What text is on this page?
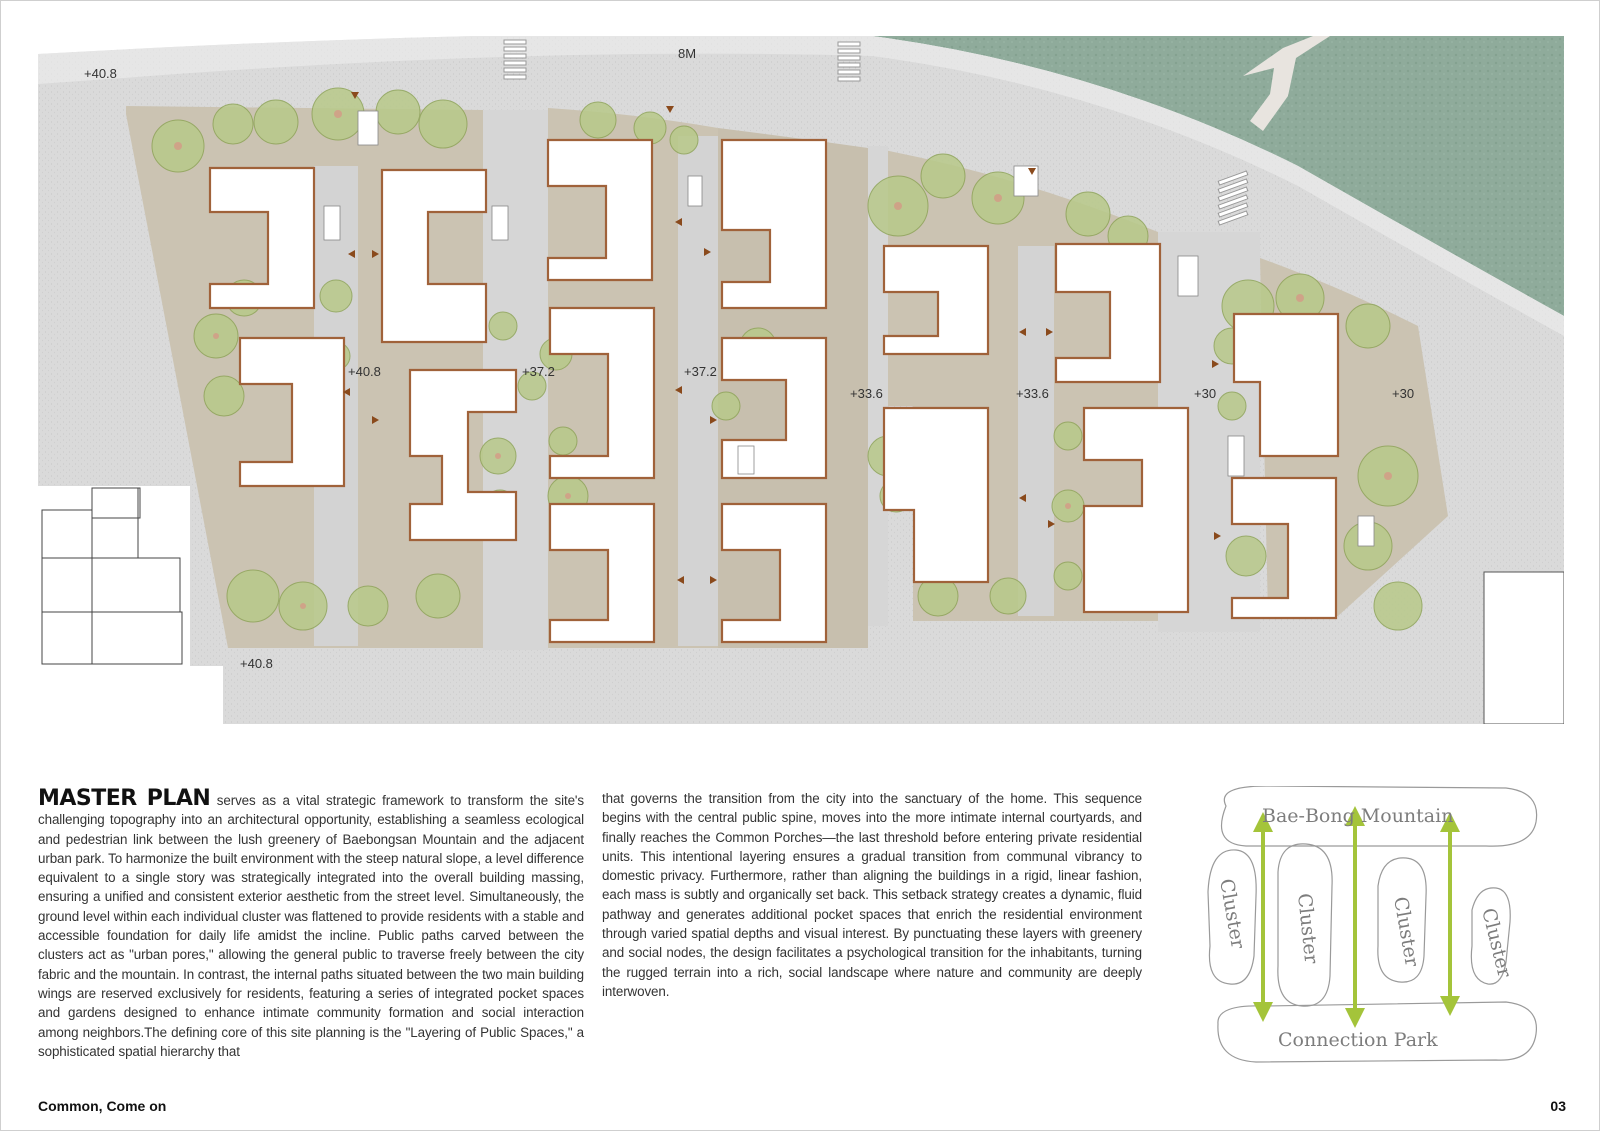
8M
+40.8
+40.8	+37.2	+37.2
+33.6	+33.6	+30	+30
+40.8
MASTER PLAN serves as a vital strategic framework to transform the site's challenging topography into an architectural opportunity, establishing a seamless ecological and pedestrian link between the lush greenery of Baebongsan Mountain and the adjacent urban park. To harmonize the built environment with the steep natural slope, a level difference equivalent to a single story was strategically integrated into the overall building massing, ensuring a unified and consistent exterior aesthetic from the street level. Simultaneously, the ground level within each individual cluster was flattened to provide residents with a stable and accessible foundation for daily life amidst the incline. Public paths carved between the clusters act as "urban pores," allowing the general public to traverse freely between the city fabric and the mountain. In contrast, the internal paths situated between the two main building wings are reserved exclusively for residents, featuring a series of integrated pocket spaces and gardens designed to enhance intimate community formation and social interaction among neighbors.The defining core of this site planning is the "Layering of Public Spaces," a sophisticated spatial hierarchy that
that governs the transition from the city into the sanctuary of the home. This sequence begins with the central public spine, moves into the more intimate internal courtyards, and finally reaches the Common Porches—the last threshold before entering private residential units. This intentional layering ensures a gradual transition from communal vibrancy to domestic privacy. Furthermore, rather than aligning the buildings in a rigid, linear fashion, each mass is subtly and organically set back. This setback strategy creates a dynamic, fluid pathway and generates additional pocket spaces that enrich the residential environment through varied spatial depths and visual interest. By punctuating these layers with greenery and social nodes, the design facilitates a psychological transition for the inhabitants, turning the rugged terrain into a rich, social landscape where nature and community are deeply interwoven.
Bae-Bong Mountain
Connection Park
Cluster Cluster	Cluster	Cluster
Common, Come on	03
